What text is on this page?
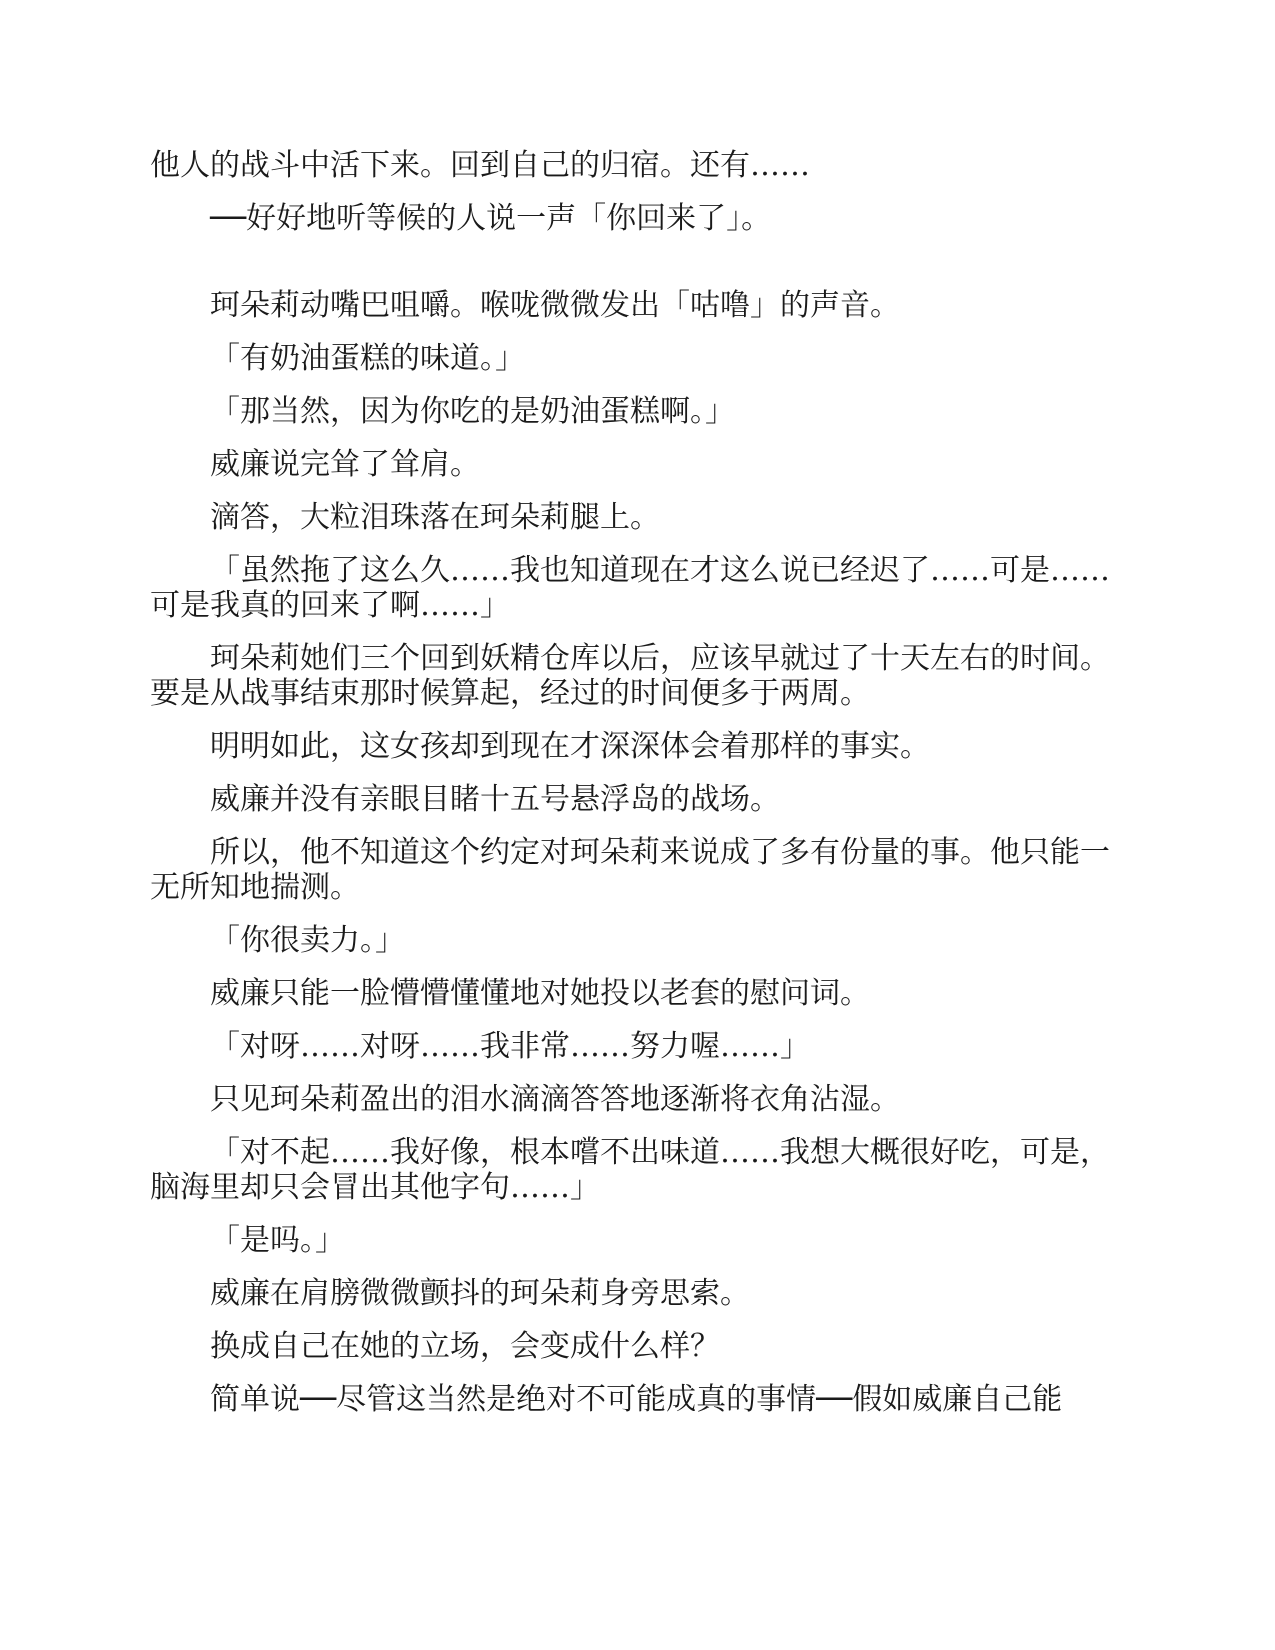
他人的战斗中活下来。回到自己的归宿。还有……

──好好地听等候的人说一声「你回来了」。

珂朵莉动嘴巴咀嚼。喉咙微微发出「咕噜」的声音。

「有奶油蛋糕的味道。」

「那当然，因为你吃的是奶油蛋糕啊。」

威廉说完耸了耸肩。

滴答，大粒泪珠落在珂朵莉腿上。

「虽然拖了这么久……我也知道现在才这么说已经迟了……可是……可是我真的回来了啊……」

珂朵莉她们三个回到妖精仓库以后，应该早就过了十天左右的时间。要是从战事结束那时候算起，经过的时间便多于两周。

明明如此，这女孩却到现在才深深体会着那样的事实。

威廉并没有亲眼目睹十五号悬浮岛的战场。

所以，他不知道这个约定对珂朵莉来说成了多有份量的事。他只能一无所知地揣测。

「你很卖力。」

威廉只能一脸懵懵懂懂地对她投以老套的慰问词。

「对呀……对呀……我非常……努力喔……」

只见珂朵莉盈出的泪水滴滴答答地逐渐将衣角沾湿。

「对不起……我好像，根本嚐不出味道……我想大概很好吃，可是，脑海里却只会冒出其他字句……」

「是吗。」

威廉在肩膀微微颤抖的珂朵莉身旁思索。

换成自己在她的立场，会变成什么样？

简单说──尽管这当然是绝对不可能成真的事情──假如威廉自己能
